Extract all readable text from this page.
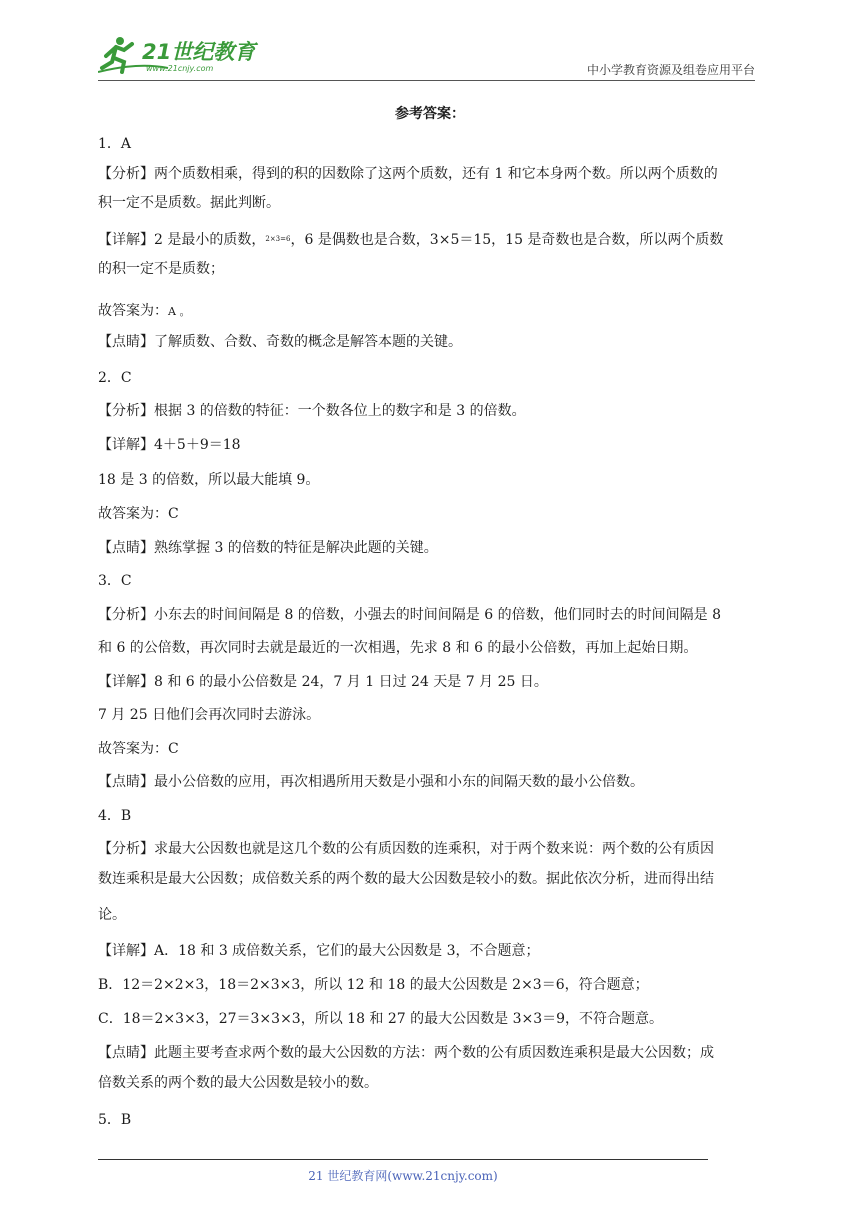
21世纪教育
www.21cnjy.com	中小学教育资源及组卷应用平台
参考答案：
1．A
【分析】两个质数相乘，得到的积的因数除了这两个质数，还有 1 和它本身两个数。所以两个质数的
积一定不是质数。据此判断。
【详解】2 是最小的质数，$^{2\times 3=6}$，6 是偶数也是合数，3×5＝15，15 是奇数也是合数，所以两个质数
的积一定不是质数；
故答案为：A 。
【点睛】了解质数、合数、奇数的概念是解答本题的关键。
2．C
【分析】根据 3 的倍数的特征：一个数各位上的数字和是 3 的倍数。
【详解】4＋5＋9＝18
18 是 3 的倍数，所以最大能填 9。
故答案为：C
【点睛】熟练掌握 3 的倍数的特征是解决此题的关键。
3．C
【分析】小东去的时间间隔是 8 的倍数，小强去的时间间隔是 6 的倍数，他们同时去的时间间隔是 8
和 6 的公倍数，再次同时去就是最近的一次相遇，先求 8 和 6 的最小公倍数，再加上起始日期。
【详解】8 和 6 的最小公倍数是 24，7 月 1 日过 24 天是 7 月 25 日。
7 月 25 日他们会再次同时去游泳。
故答案为：C
【点睛】最小公倍数的应用，再次相遇所用天数是小强和小东的间隔天数的最小公倍数。
4．B
【分析】求最大公因数也就是这几个数的公有质因数的连乘积，对于两个数来说：两个数的公有质因
数连乘积是最大公因数；成倍数关系的两个数的最大公因数是较小的数。据此依次分析，进而得出结
论。
【详解】A．18 和 3 成倍数关系，它们的最大公因数是 3，不合题意；
B．12＝2×2×3，18＝2×3×3，所以 12 和 18 的最大公因数是 2×3＝6，符合题意；
C．18＝2×3×3，27＝3×3×3，所以 18 和 27 的最大公因数是 3×3＝9，不符合题意。
【点睛】此题主要考查求两个数的最大公因数的方法：两个数的公有质因数连乘积是最大公因数；成
倍数关系的两个数的最大公因数是较小的数。
5．B
21 世纪教育网(www.21cnjy.com)
